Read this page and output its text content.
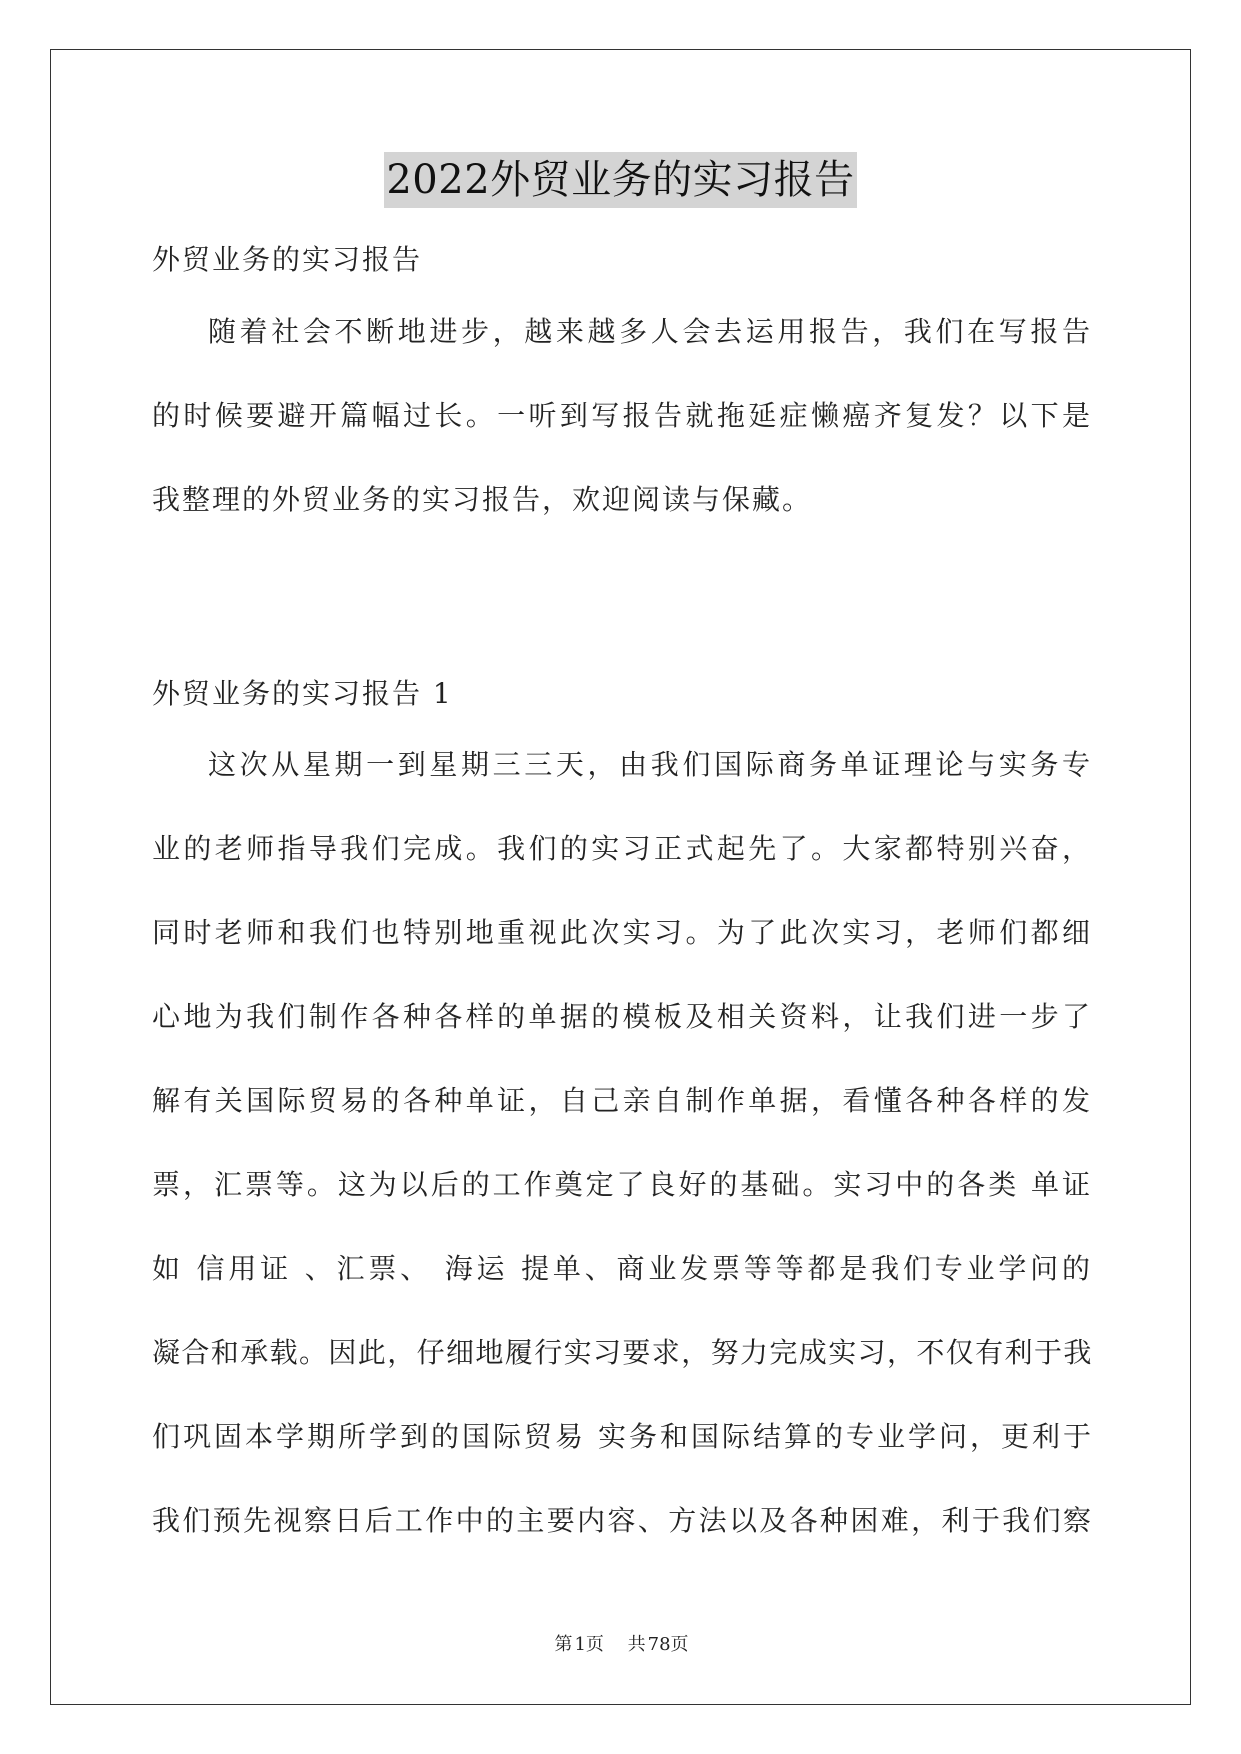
2022外贸业务的实习报告
外贸业务的实习报告
随着社会不断地进步，越来越多人会去运用报告，我们在写报告
的时候要避开篇幅过长。一听到写报告就拖延症懒癌齐复发？以下是
我整理的外贸业务的实习报告，欢迎阅读与保藏。
外贸业务的实习报告 1
这次从星期一到星期三三天，由我们国际商务单证理论与实务专
业的老师指导我们完成。我们的实习正式起先了。大家都特别兴奋，
同时老师和我们也特别地重视此次实习。为了此次实习，老师们都细
心地为我们制作各种各样的单据的模板及相关资料，让我们进一步了
解有关国际贸易的各种单证，自己亲自制作单据，看懂各种各样的发
票，汇票等。这为以后的工作奠定了良好的基础。实习中的各类 单证
如 信用证 、汇票、 海运 提单、商业发票等等都是我们专业学问的
凝合和承载。因此，仔细地履行实习要求，努力完成实习，不仅有利于我
们巩固本学期所学到的国际贸易 实务和国际结算的专业学问，更利于
我们预先视察日后工作中的主要内容、方法以及各种困难，利于我们察
第 1页 共 78页
